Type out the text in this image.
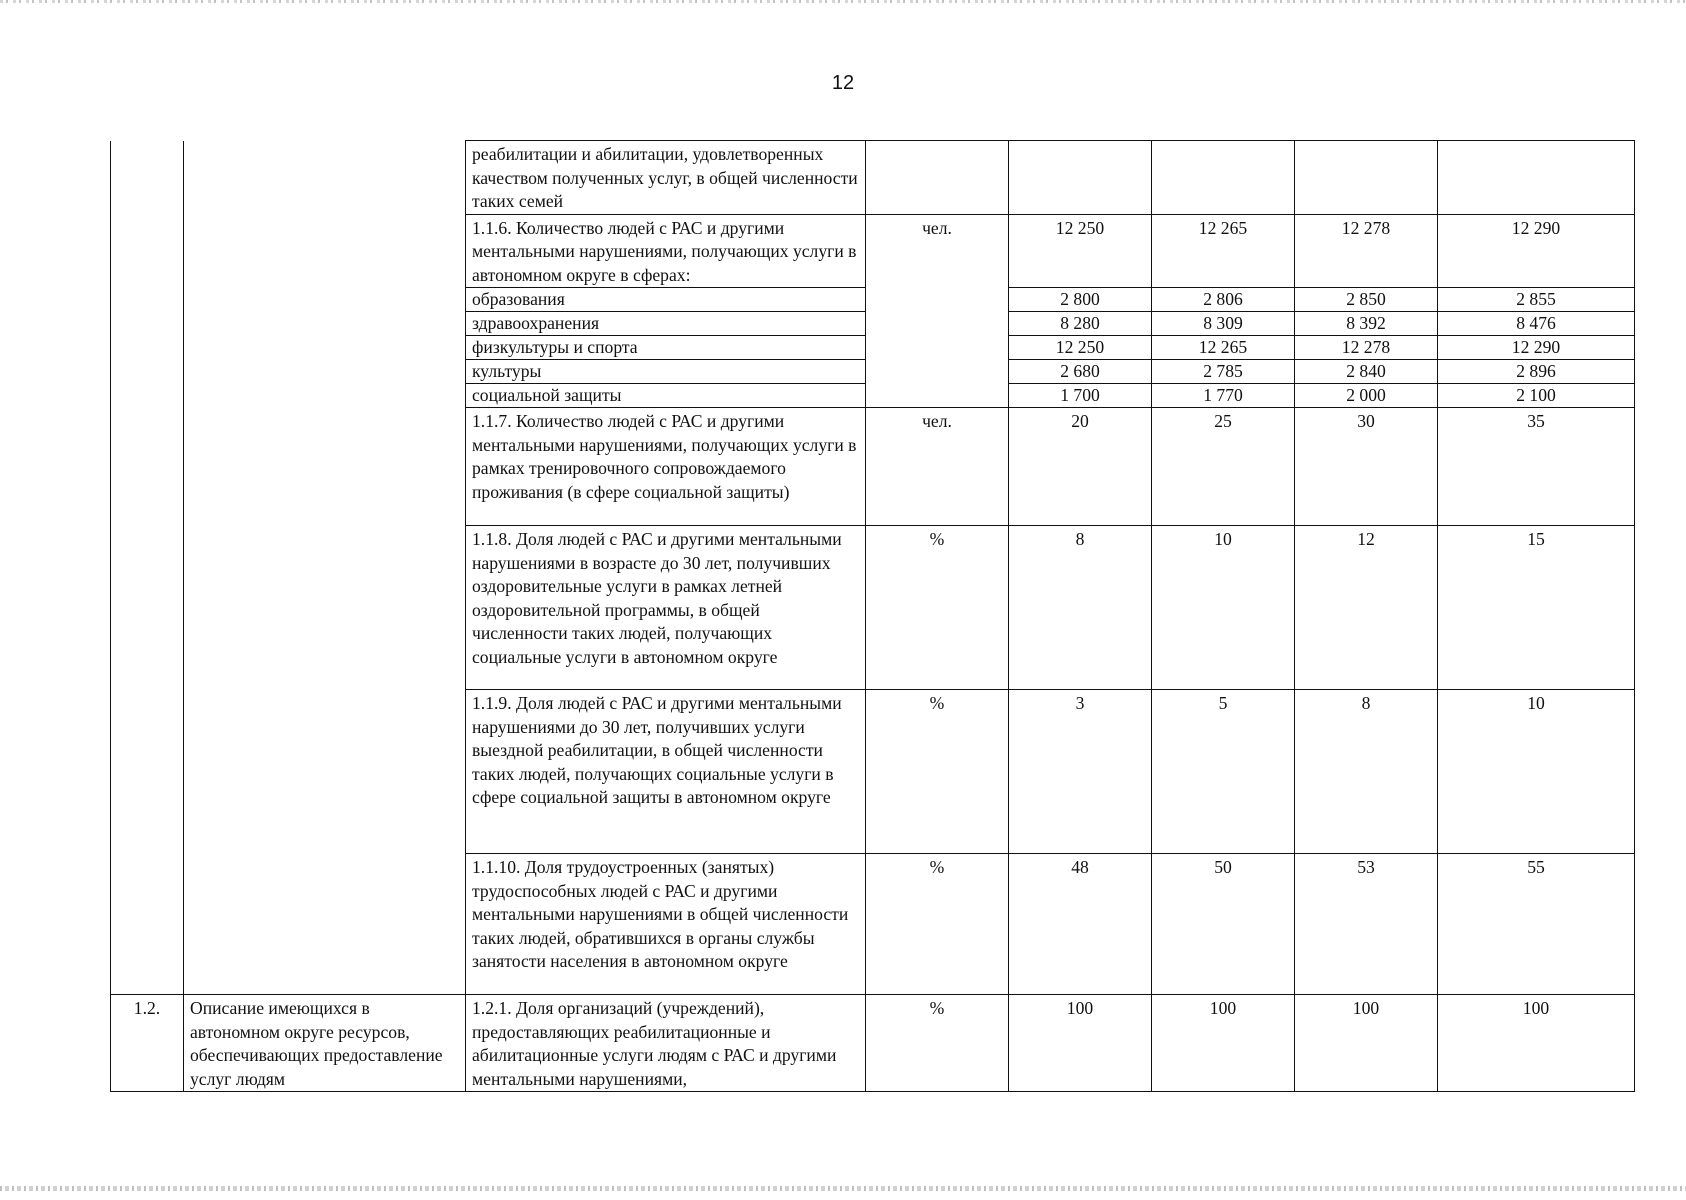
12
		реабилитации и абилитации, удовлетворенных качеством полученных услуг, в общей численности таких семей					
		1.1.6. Количество людей с РАС и другими ментальными нарушениями, получающих услуги в автономном округе в сферах:	чел.	12 250	12 265	12 278	12 290
		образования		2 800	2 806	2 850	2 855
		здравоохранения		8 280	8 309	8 392	8 476
		физкультуры и спорта		12 250	12 265	12 278	12 290
		культуры		2 680	2 785	2 840	2 896
		социальной защиты		1 700	1 770	2 000	2 100
		1.1.7. Количество людей с РАС и другими ментальными нарушениями, получающих услуги в рамках тренировочного сопровождаемого проживания (в сфере социальной защиты)	чел.	20	25	30	35
		1.1.8. Доля людей с РАС и другими ментальными нарушениями в возрасте до 30 лет, получивших оздоровительные услуги в рамках летней оздоровительной программы, в общей численности таких людей, получающих социальные услуги в автономном округе	%	8	10	12	15
		1.1.9. Доля людей с РАС и другими ментальными нарушениями до 30 лет, получивших услуги выездной реабилитации, в общей численности таких людей, получающих социальные услуги в сфере социальной защиты в автономном округе	%	3	5	8	10
		1.1.10. Доля трудоустроенных (занятых) трудоспособных людей с РАС и другими ментальными нарушениями в общей численности таких людей, обратившихся в органы службы занятости населения в автономном округе	%	48	50	53	55
1.2.	Описание имеющихся в автономном округе ресурсов, обеспечивающих предоставление услуг людям	1.2.1. Доля организаций (учреждений), предоставляющих реабилитационные и абилитационные услуги людям с РАС и другими ментальными нарушениями,	%	100	100	100	100
